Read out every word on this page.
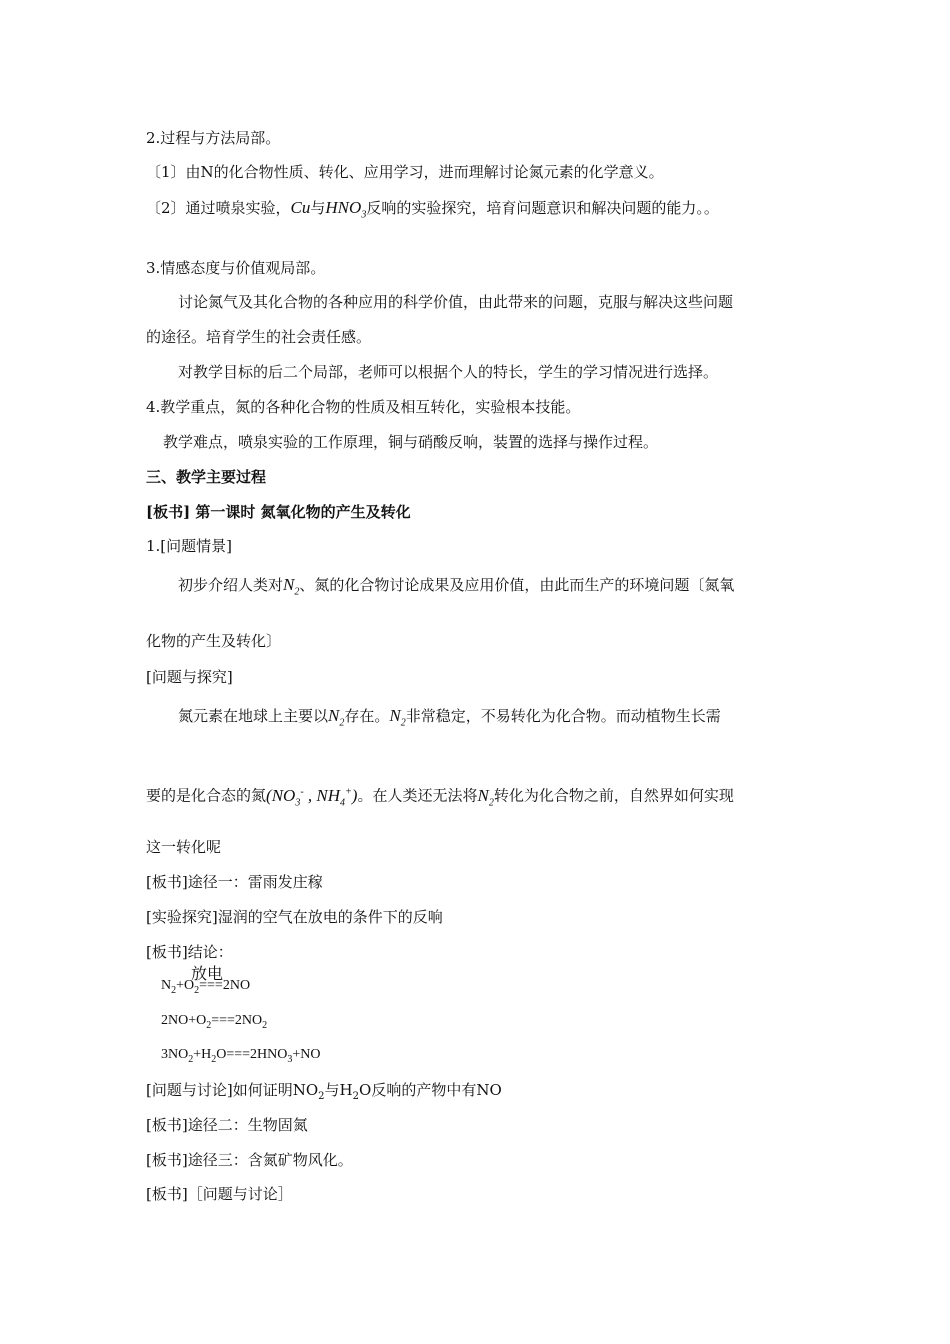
2.过程与方法局部。
〔1〕由N的化合物性质、转化、应用学习，进而理解讨论氮元素的化学意义。
〔2〕通过喷泉实验，Cu与$HNO_3$反响的实验探究，培育问题意识和解决问题的能力。。
3.情感态度与价值观局部。
讨论氮气及其化合物的各种应用的科学价值，由此带来的问题，克服与解决这些问题
的途径。培育学生的社会责任感。
对教学目标的后二个局部，老师可以根据个人的特长，学生的学习情况进行选择。
4.教学重点，氮的各种化合物的性质及相互转化，实验根本技能。
教学难点，喷泉实验的工作原理，铜与硝酸反响，装置的选择与操作过程。
三、教学主要过程
[板书] 第一课时 氮氧化物的产生及转化
1.[问题情景]
初步介绍人类对$N_2$、氮的化合物讨论成果及应用价值，由此而生产的环境问题〔氮氧
化物的产生及转化〕
[问题与探究]
氮元素在地球上主要以$N_2$存在。$N_2$非常稳定，不易转化为化合物。而动植物生长需
要的是化合态的氮($NO_3^-$ , $NH_4^+$)。在人类还无法将$N_2$转化为化合物之前，自然界如何实现
这一转化呢
[板书]途径一：雷雨发庄稼
[实验探究]湿润的空气在放电的条件下的反响
[板书]结论：
放电
$N_2+O_2===2NO$
$2NO+O_2===2NO_2$
$3NO_2+H_2O===2HNO_3+NO$
[问题与讨论]如何证明$NO_2$与$H_2O$反响的产物中有NO
[板书]途径二：生物固氮
[板书]途径三：含氮矿物风化。
[板书]［问题与讨论］
